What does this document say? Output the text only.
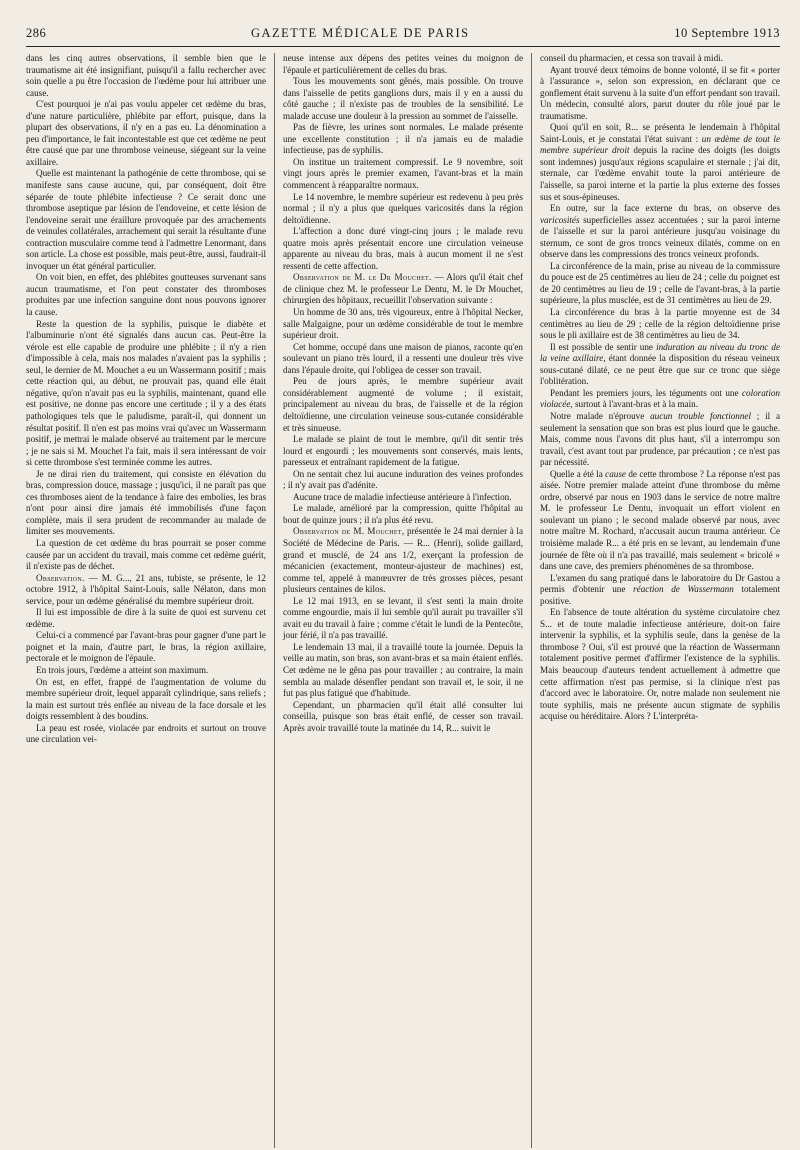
286	GAZETTE MÉDICALE DE PARIS	10 Septembre 1913

dans les cinq autres observations, il semble bien que le traumatisme ait été insignifiant, puisqu'il a fallu rechercher avec soin quelle a pu être l'occasion de l'œdème pour lui attribuer une cause.

C'est pourquoi je n'ai pas voulu appeler cet œdème du bras, d'une nature particulière, phlébite par effort, puisque, dans la plupart des observations, il n'y en a pas eu. La dénomination a peu d'importance, le fait incontestable est que cet œdème ne peut être causé que par une thrombose veineuse, siégeant sur la veine axillaire.

Quelle est maintenant la pathogénie de cette thrombose, qui se manifeste sans cause aucune, qui, par conséquent, doit être séparée de toute phlébite infectieuse ? Ce serait donc une thrombose aseptique par lésion de l'endoveine, et cette lésion de l'endoveine serait une éraillure provoquée par des arrachements de veinules collatérales, arrachement qui serait la résultante d'une contraction musculaire comme tend à l'admettre Lenormant, dans son article. La chose est possible, mais peut-être, aussi, faudrait-il invoquer un état général particulier.

On voit bien, en effet, des phlébites goutteuses survenant sans aucun traumatisme, et l'on peut constater des thromboses produites par une infection sanguine dont nous pouvons ignorer la cause.

Reste la question de la syphilis, puisque le diabète et l'albuminurie n'ont été signalés dans aucun cas. Peut-être la vérole est elle capable de produire une phlébite ; il n'y a rien d'impossible à cela, mais nos malades n'avaient pas la syphilis ; seul, le dernier de M. Mouchet a eu un Wassermann positif ; mais cette réaction qui, au début, ne prouvait pas, quand elle était négative, qu'on n'avait pas eu la syphilis, maintenant, quand elle est positive, ne donne pas encore une certitude ; il y a des états pathologiques tels que le paludisme, paraît-il, qui donnent un résultat positif. Il n'en est pas moins vrai qu'avec un Wassermann positif, je mettrai le malade observé au traitement par le mercure ; je ne sais si M. Mouchet l'a fait, mais il sera intéressant de voir si cette thrombose s'est terminée comme les autres.

Je ne dirai rien du traitement, qui consiste en élévation du bras, compression douce, massage ; jusqu'ici, il ne paraît pas que ces thromboses aient de la tendance à faire des embolies, les bras n'ont pour ainsi dire jamais été immobilisés d'une façon complète, mais il sera prudent de recommander au malade de limiter ses mouvements.

La question de cet œdème du bras pourrait se poser comme causée par un accident du travail, mais comme cet œdème guérit, il n'existe pas de déchet.

Observation. — M. G..., 21 ans, tubiste, se présente, le 12 octobre 1912, à l'hôpital Saint-Louis, salle Nélaton, dans mon service, pour un œdème généralisé du membre supérieur droit.

Il lui est impossible de dire à la suite de quoi est survenu cet œdème.

Celui-ci a commencé par l'avant-bras pour gagner d'une part le poignet et la main, d'autre part, le bras, la région axillaire, pectorale et le moignon de l'épaule.

En trois jours, l'œdème a atteint son maximum.

On est, en effet, frappé de l'augmentation de volume du membre supérieur droit, lequel apparaît cylindrique, sans reliefs ; la main est surtout très enflée au niveau de la face dorsale et les doigts ressemblent à des boudins.

La peau est rosée, violacée par endroits et surtout on trouve une circulation vei-

neuse intense aux dépens des petites veines du moignon de l'épaule et particulièrement de celles du bras.

Tous les mouvements sont gênés, mais possible. On trouve dans l'aisselle de petits ganglions durs, mais il y en a aussi du côté gauche ; il n'existe pas de troubles de la sensibilité. Le malade accuse une douleur à la pression au sommet de l'aisselle.

Pas de fièvre, les urines sont normales. Le malade présente une excellente constitution ; il n'a jamais eu de maladie infectieuse, pas de syphilis.

On institue un traitement compressif. Le 9 novembre, soit vingt jours après le premier examen, l'avant-bras et la main commencent à réapparaître normaux.

Le 14 novembre, le membre supérieur est redevenu à peu près normal ; il n'y a plus que quelques varicosités dans la région deltoïdienne.

L'affection a donc duré vingt-cinq jours ; le malade revu quatre mois après présentait encore une circulation veineuse apparente au niveau du bras, mais à aucun moment il ne s'est ressenti de cette affection.

Observation de M. le Dr Mouchet. — Alors qu'il était chef de clinique chez M. le professeur Le Dentu, M. le Dr Mouchet, chirurgien des hôpitaux, recueillit l'observation suivante :

Un homme de 30 ans, très vigoureux, entre à l'hôpital Necker, salle Malgaigne, pour un œdème considérable de tout le membre supérieur droit.

Cet homme, occupé dans une maison de pianos, raconte qu'en soulevant un piano très lourd, il a ressenti une douleur très vive dans l'épaule droite, qui l'obligea de cesser son travail.

Peu de jours après, le membre supérieur avait considérablement augmenté de volume ; il existait, principalement au niveau du bras, de l'aisselle et de la région deltoïdienne, une circulation veineuse sous-cutanée considérable et très sinueuse.

Le malade se plaint de tout le membre, qu'il dit sentir très lourd et engourdi ; les mouvements sont conservés, mais lents, paresseux et entraînant rapidement de la fatigue.

On ne sentait chez lui aucune induration des veines profondes ; il n'y avait pas d'adénite.

Aucune trace de maladie infectieuse antérieure à l'infection.

Le malade, amélioré par la compression, quitte l'hôpital au bout de quinze jours ; il n'a plus été revu.

Observation de M. Mouchet, présentée le 24 mai dernier à la Société de Médecine de Paris. — R... (Henri), solide gaillard, grand et musclé, de 24 ans 1/2, exerçant la profession de mécanicien (exactement, monteur-ajusteur de machines) est, comme tel, appelé à manœuvrer de très grosses pièces, pesant plusieurs centaines de kilos.

Le 12 mai 1913, en se levant, il s'est senti la main droite comme engourdie, mais il lui semble qu'il aurait pu travailler s'il avait eu du travail à faire ; comme c'était le lundi de la Pentecôte, jour férié, il n'a pas travaillé.

Le lendemain 13 mai, il a travaillé toute la journée. Depuis la veille au matin, son bras, son avant-bras et sa main étaient enflés. Cet œdème ne le gêna pas pour travailler ; au contraire, la main sembla au malade désenfler pendant son travail et, le soir, il ne fut pas plus fatigué que d'habitude.

Cependant, un pharmacien qu'il était allé consulter lui conseilla, puisque son bras était enflé, de cesser son travail. Après avoir travaillé toute la matinée du 14, R... suivit le

conseil du pharmacien, et cessa son travail à midi.

Ayant trouvé deux témoins de bonne volonté, il se fit « porter à l'assurance », selon son expression, en déclarant que ce gonflement était survenu à la suite d'un effort pendant son travail. Un médecin, consulté alors, parut douter du rôle joué par le traumatisme.

Quoi qu'il en soit, R... se présenta le lendemain à l'hôpital Saint-Louis, et je constatai l'état suivant : un œdème de tout le membre supérieur droit depuis la racine des doigts (les doigts sont indemnes) jusqu'aux régions scapulaire et sternale ; j'ai dit, sternale, car l'œdème envahit toute la paroi antérieure de l'aisselle, sa paroi interne et la partie la plus externe des fosses sus et sous-épineuses.

En outre, sur la face externe du bras, on observe des varicosités superficielles assez accentuées ; sur la paroi interne de l'aisselle et sur la paroi antérieure jusqu'au voisinage du sternum, ce sont de gros troncs veineux dilatés, comme on en observe dans les compressions des troncs veineux profonds.

La circonférence de la main, prise au niveau de la commissure du pouce est de 25 centimètres au lieu de 24 ; celle du poignet est de 20 centimètres au lieu de 19 ; celle de l'avant-bras, à la partie supérieure, la plus musclée, est de 31 centimètres au lieu de 29.

La circonférence du bras à la partie moyenne est de 34 centimètres au lieu de 29 ; celle de la région deltoïdienne prise sous le pli axillaire est de 38 centimètres au lieu de 34.

Il est possible de sentir une induration au niveau du tronc de la veine axillaire, étant donnée la disposition du réseau veineux sous-cutané dilaté, ce ne peut être que sur ce tronc que siège l'oblitération.

Pendant les premiers jours, les téguments ont une coloration violacée, surtout à l'avant-bras et à la main.

Notre malade n'éprouve aucun trouble fonctionnel ; il a seulement la sensation que son bras est plus lourd que le gauche. Mais, comme nous l'avons dit plus haut, s'il a interrompu son travail, c'est avant tout par prudence, par précaution ; ce n'est pas par nécessité.

Quelle a été la cause de cette thrombose ? La réponse n'est pas aisée. Notre premier malade atteint d'une thrombose du même ordre, observé par nous en 1903 dans le service de notre maître M. le professeur Le Dentu, invoquait un effort violent en soulevant un piano ; le second malade observé par nous, avec notre maître M. Rochard, n'accusait aucun trauma antérieur. Ce troisième malade R... a été pris en se levant, au lendemain d'une journée de fête où il n'a pas travaillé, mais seulement « bricolé » dans une cave, des premiers phénomènes de sa thrombose.

L'examen du sang pratiqué dans le laboratoire du Dr Gastou a permis d'obtenir une réaction de Wassermann totalement positive.

En l'absence de toute altération du système circulatoire chez S... et de toute maladie infectieuse antérieure, doit-on faire intervenir la syphilis, et la syphilis seule, dans la genèse de la thrombose ? Oui, s'il est prouvé que la réaction de Wassermann totalement positive permet d'affirmer l'existence de la syphilis. Mais beaucoup d'auteurs tendent actuellement à admettre que cette affirmation n'est pas permise, si la clinique n'est pas d'accord avec le laboratoire. Or, notre malade non seulement nie toute syphilis, mais ne présente aucun stigmate de syphilis acquise ou héréditaire. Alors ? L'interpréta-
